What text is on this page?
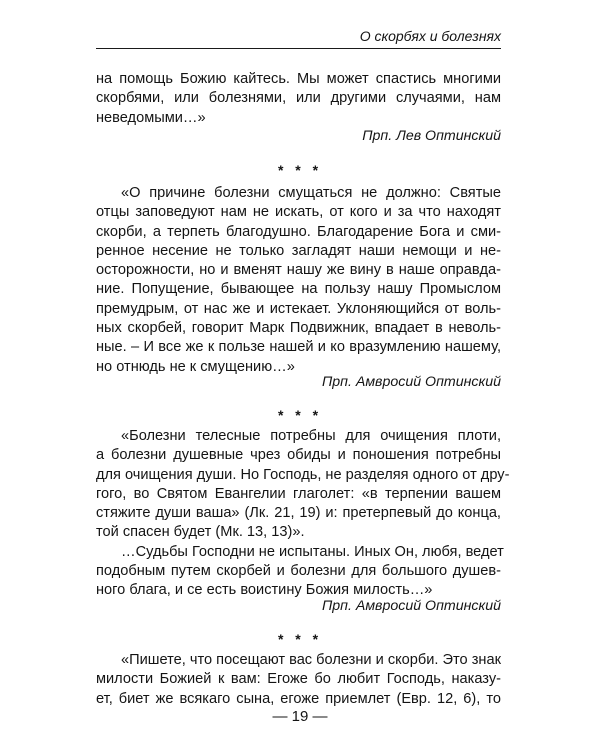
О скорбях и болезнях
на помощь Божию кайтесь. Мы может спастись многими
скорбями, или болезнями, или другими случаями, нам
неведомыми…»
Прп. Лев Оптинский
* * *
«О причине болезни смущаться не должно: Святые
отцы заповедуют нам не искать, от кого и за что находят
скорби, а терпеть благодушно. Благодарение Бога и сми-
ренное несение не только загладят наши немощи и не-
осторожности, но и вменят нашу же вину в наше оправда-
ние. Попущение, бывающее на пользу нашу Промыслом
премудрым, от нас же и истекает. Уклоняющийся от воль-
ных скорбей, говорит Марк Подвижник, впадает в неволь-
ные. – И все же к пользе нашей и ко вразумлению нашему,
но отнюдь не к смущению…»
Прп. Амвросий Оптинский
* * *
«Болезни телесные потребны для очищения плоти,
а болезни душевные чрез обиды и поношения потребны
для очищения души. Но Господь, не разделяя одного от дру-
гого, во Святом Евангелии глаголет: «в терпении вашем
стяжите души ваша» (Лк. 21, 19) и: претерпевый до конца,
той спасен будет (Мк. 13, 13)».
…Судьбы Господни не испытаны. Иных Он, любя, ведет
подобным путем скорбей и болезни для большого душев-
ного блага, и се есть воистину Божия милость…»
Прп. Амвросий Оптинский
* * *
«Пишете, что посещают вас болезни и скорби. Это знак
милости Божией к вам: Егоже бо любит Господь, наказу-
ет, биет же всякаго сына, егоже приемлет (Евр. 12, 6), то
— 19 —
